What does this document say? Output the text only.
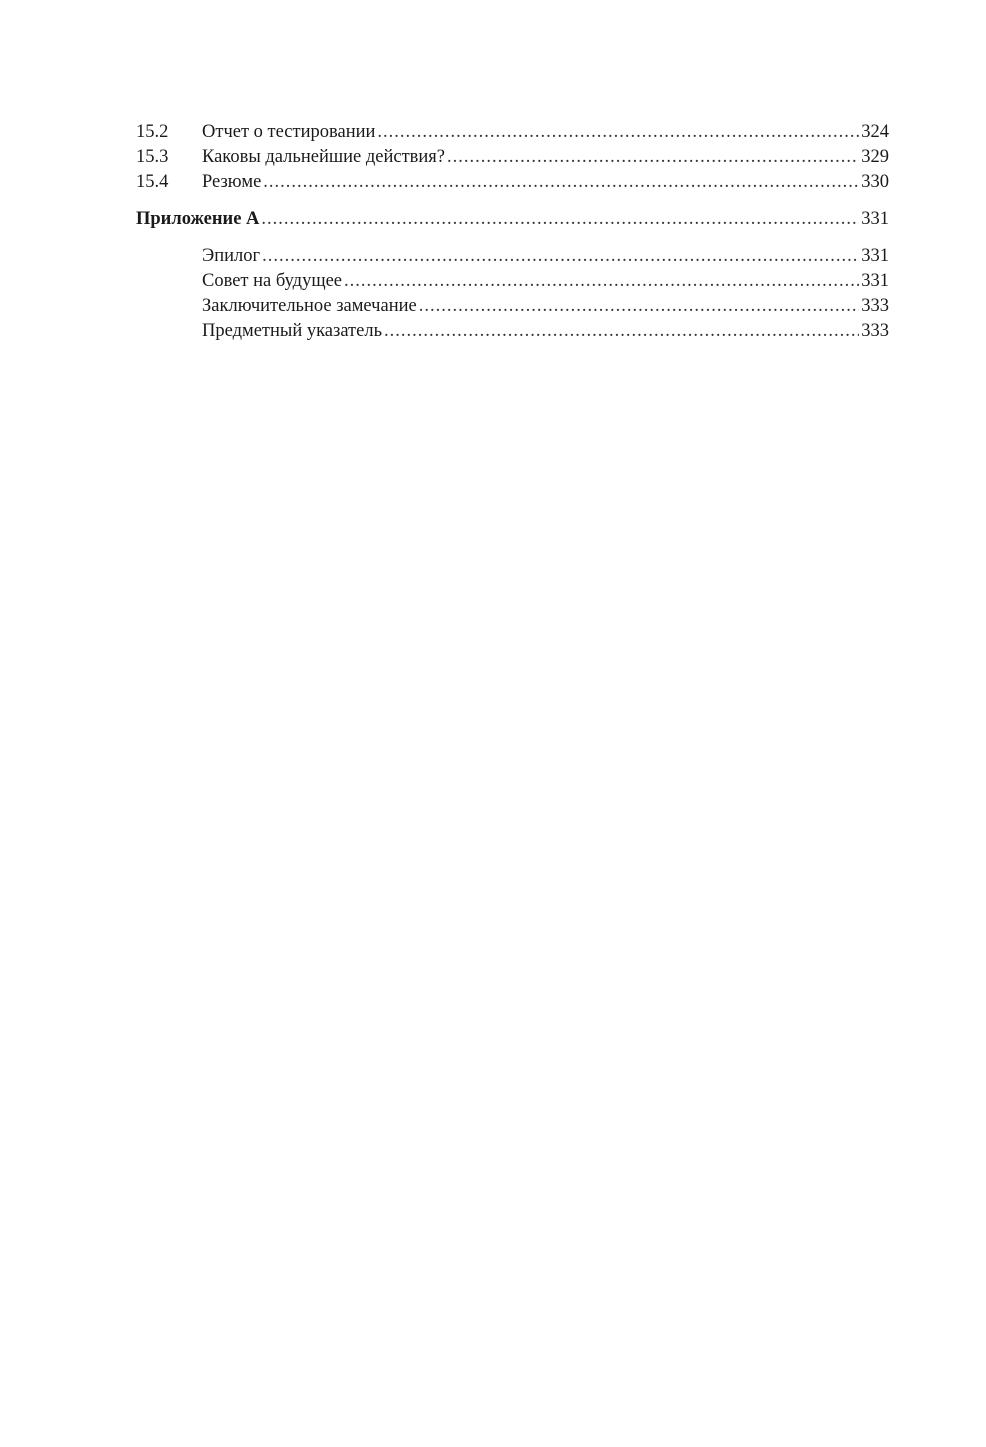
15.2	Отчет о тестировании .....	324
15.3	Каковы дальнейшие действия? .....	329
15.4	Резюме .....	330
Приложение А .....	331
Эпилог .....	331
Совет на будущее .....	331
Заключительное замечание .....	333
Предметный указатель .....	333
